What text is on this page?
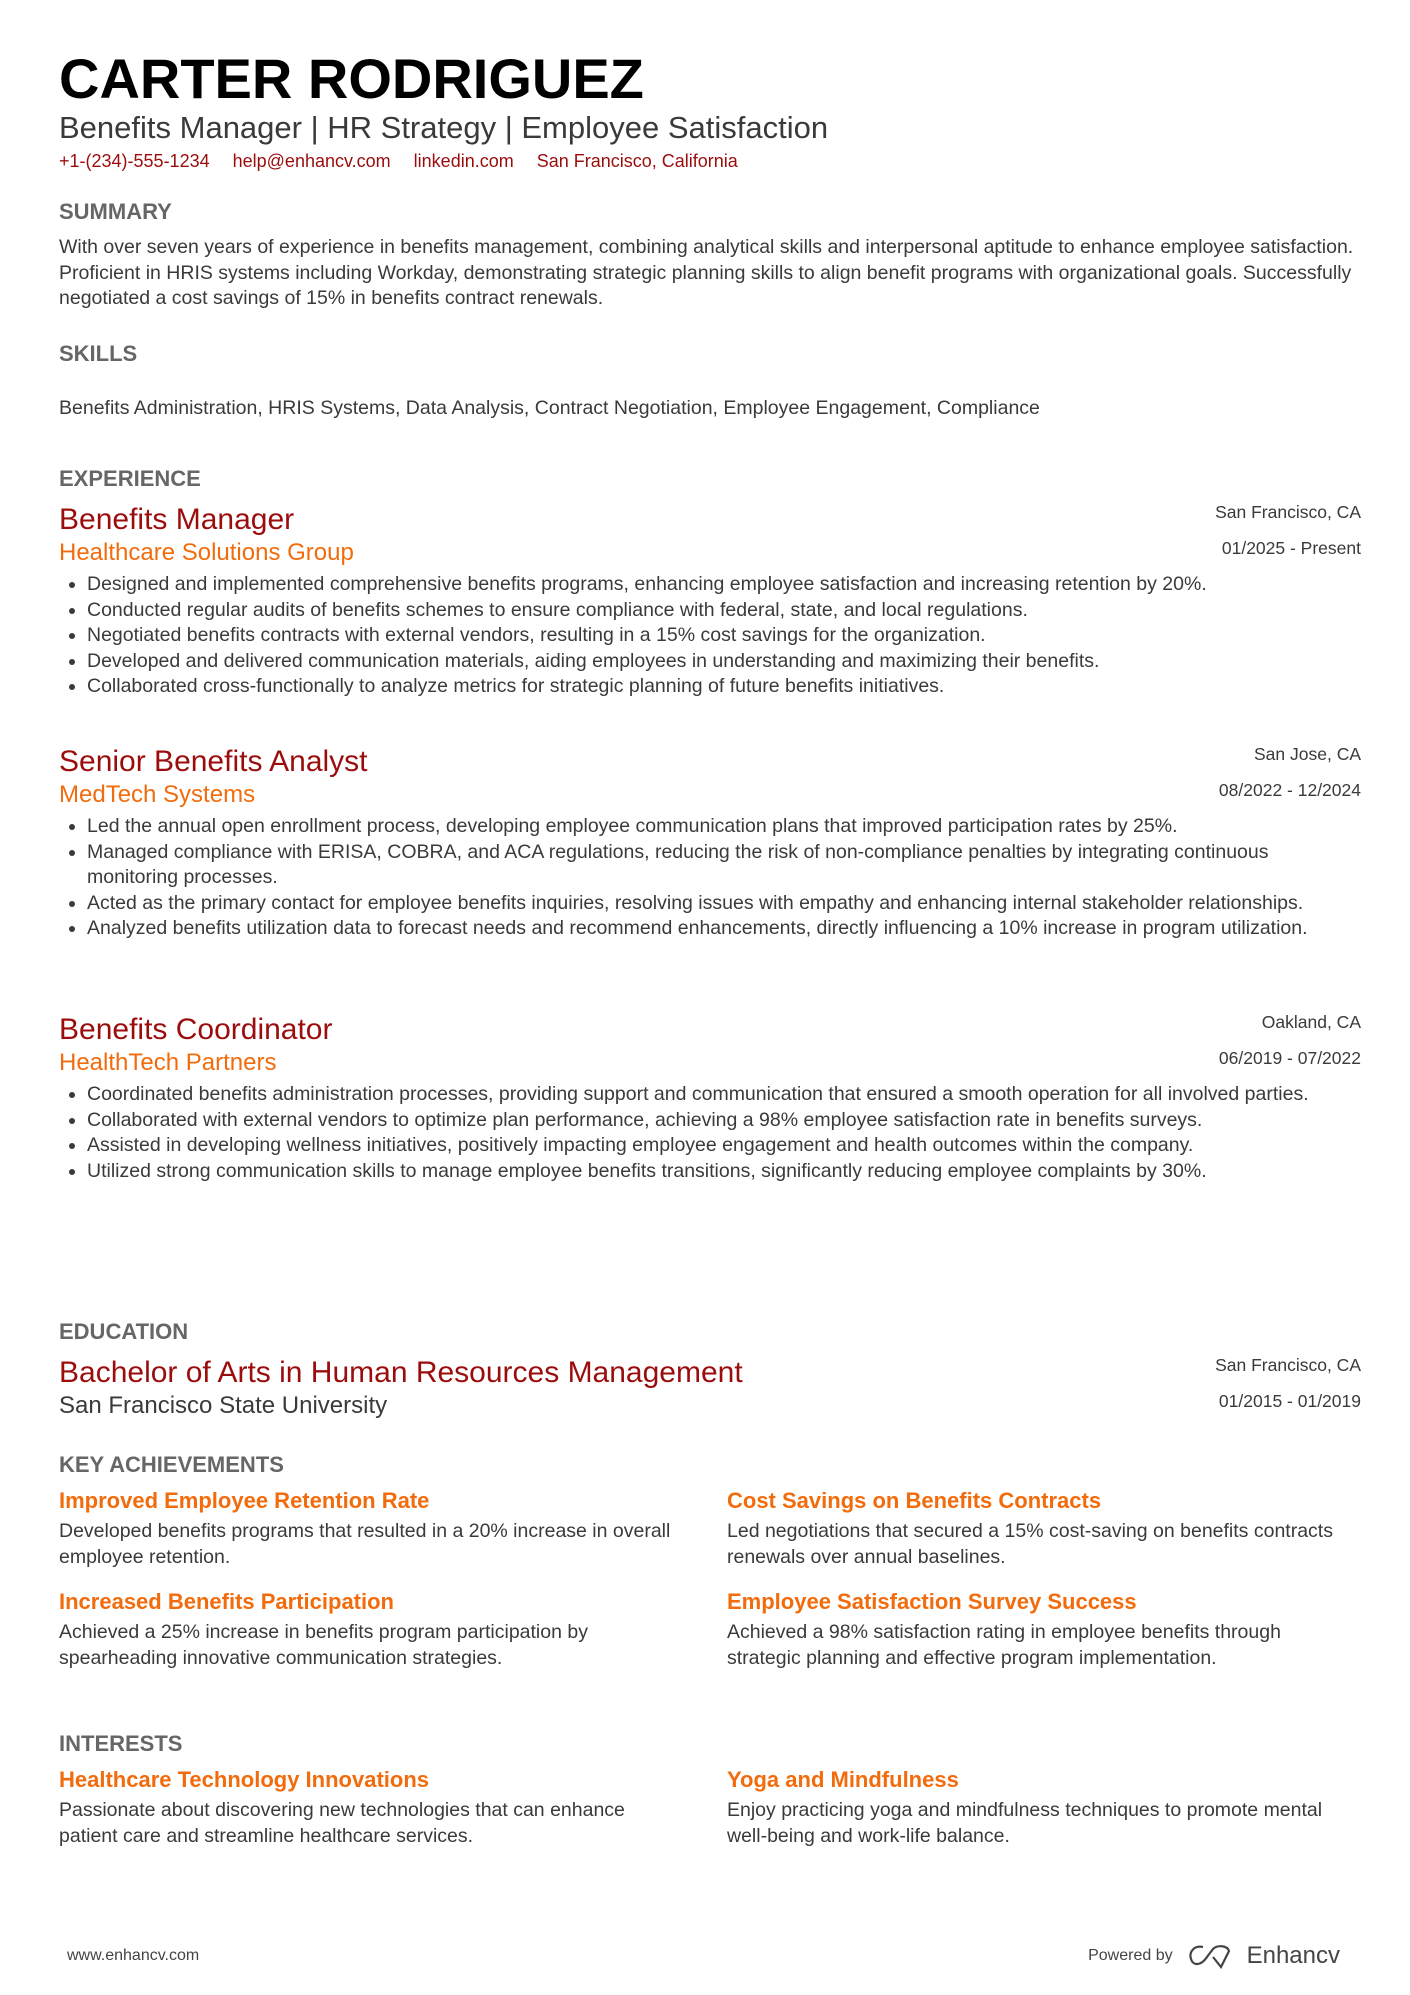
CARTER RODRIGUEZ
Benefits Manager | HR Strategy | Employee Satisfaction
+1-(234)-555-1234 help@enhancv.com linkedin.com San Francisco, California
SUMMARY
With over seven years of experience in benefits management, combining analytical skills and interpersonal aptitude to enhance employee satisfaction. Proficient in HRIS systems including Workday, demonstrating strategic planning skills to align benefit programs with organizational goals. Successfully negotiated a cost savings of 15% in benefits contract renewals.
SKILLS
Benefits Administration, HRIS Systems, Data Analysis, Contract Negotiation, Employee Engagement, Compliance
EXPERIENCE
San Francisco, CA
01/2025 - Present
Benefits Manager
Healthcare Solutions Group
• Designed and implemented comprehensive benefits programs, enhancing employee satisfaction and increasing retention by 20%.
• Conducted regular audits of benefits schemes to ensure compliance with federal, state, and local regulations.
• Negotiated benefits contracts with external vendors, resulting in a 15% cost savings for the organization.
• Developed and delivered communication materials, aiding employees in understanding and maximizing their benefits.
• Collaborated cross-functionally to analyze metrics for strategic planning of future benefits initiatives.
San Jose, CA
08/2022 - 12/2024
Senior Benefits Analyst
MedTech Systems
• Led the annual open enrollment process, developing employee communication plans that improved participation rates by 25%.
• Managed compliance with ERISA, COBRA, and ACA regulations, reducing the risk of non-compliance penalties by integrating continuous monitoring processes.
• Acted as the primary contact for employee benefits inquiries, resolving issues with empathy and enhancing internal stakeholder relationships.
• Analyzed benefits utilization data to forecast needs and recommend enhancements, directly influencing a 10% increase in program utilization.
Oakland, CA
06/2019 - 07/2022
Benefits Coordinator
HealthTech Partners
• Coordinated benefits administration processes, providing support and communication that ensured a smooth operation for all involved parties.
• Collaborated with external vendors to optimize plan performance, achieving a 98% employee satisfaction rate in benefits surveys.
• Assisted in developing wellness initiatives, positively impacting employee engagement and health outcomes within the company.
• Utilized strong communication skills to manage employee benefits transitions, significantly reducing employee complaints by 30%.
EDUCATION
San Francisco, CA
01/2015 - 01/2019
Bachelor of Arts in Human Resources Management
San Francisco State University
KEY ACHIEVEMENTS
Improved Employee Retention Rate
Developed benefits programs that resulted in a 20% increase in overall employee retention.
Cost Savings on Benefits Contracts
Led negotiations that secured a 15% cost-saving on benefits contracts renewals over annual baselines.
Increased Benefits Participation
Achieved a 25% increase in benefits program participation by spearheading innovative communication strategies.
Employee Satisfaction Survey Success
Achieved a 98% satisfaction rating in employee benefits through strategic planning and effective program implementation.
INTERESTS
Healthcare Technology Innovations
Passionate about discovering new technologies that can enhance patient care and streamline healthcare services.
Yoga and Mindfulness
Enjoy practicing yoga and mindfulness techniques to promote mental well-being and work-life balance.
www.enhancv.com	Powered by	Enhancv
